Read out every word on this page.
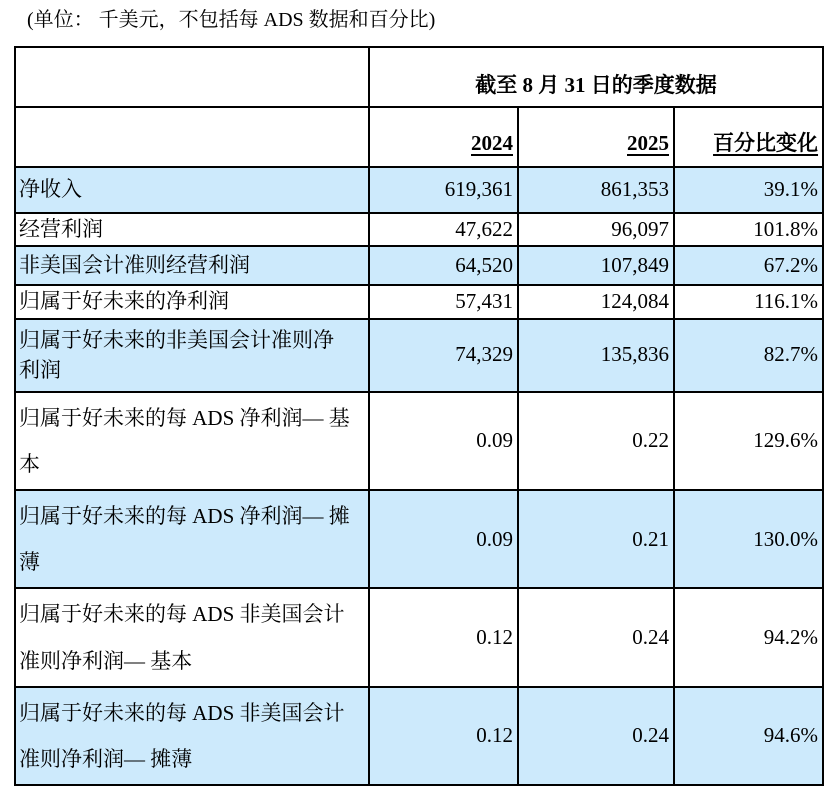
(单位： 千美元，不包括每 ADS 数据和百分比)
	截至 8 月 31 日的季度数据		
	2024	2025	百分比变化
净收入	619,361	861,353	39.1%
经营利润	47,622	96,097	101.8%
非美国会计准则经营利润	64,520	107,849	67.2%
归属于好未来的净利润	57,431	124,084	116.1%
归属于好未来的非美国会计准则净利润	74,329	135,836	82.7%
归属于好未来的每 ADS 净利润— 基本	0.09	0.22	129.6%
归属于好未来的每 ADS 净利润— 摊薄	0.09	0.21	130.0%
归属于好未来的每 ADS 非美国会计准则净利润— 基本	0.12	0.24	94.2%
归属于好未来的每 ADS 非美国会计准则净利润— 摊薄	0.12	0.24	94.6%
